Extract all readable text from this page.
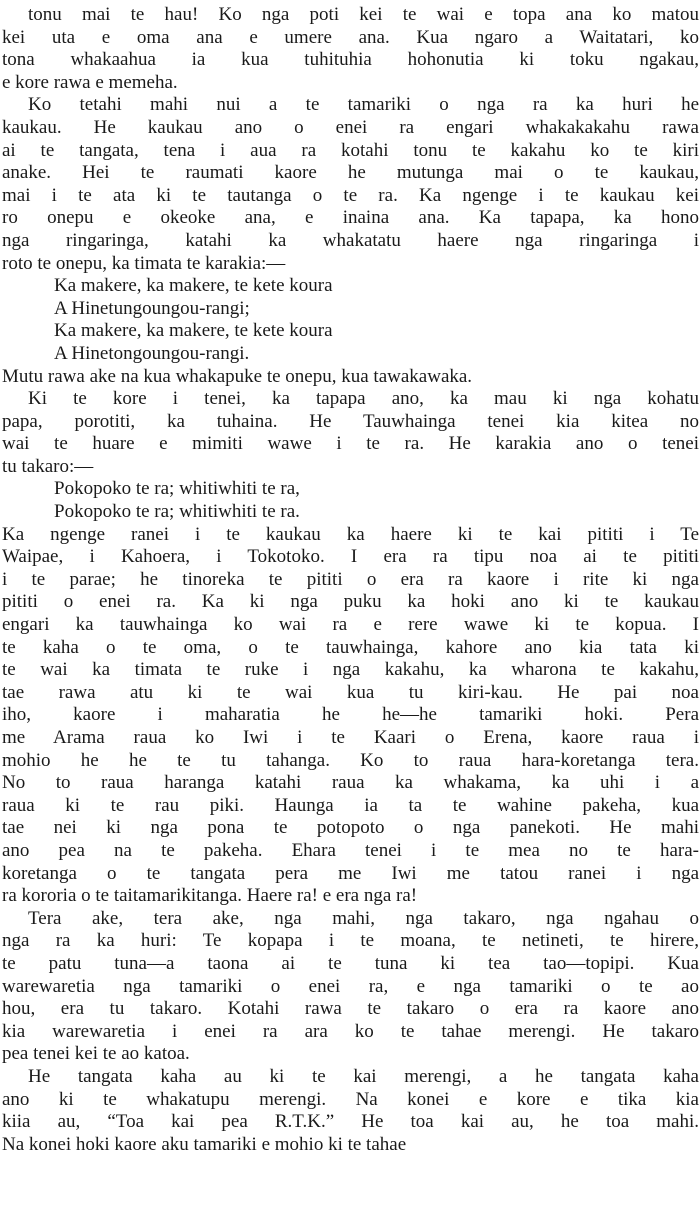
tonu mai te hau! Ko nga poti kei te wai e topa ana ko matou
kei uta e oma ana e umere ana. Kua ngaro a Waitatari, ko
tona whakaahua ia kua tuhituhia hohonutia ki toku ngakau,
e kore rawa e memeha.
Ko tetahi mahi nui a te tamariki o nga ra ka huri he
kaukau. He kaukau ano o enei ra engari whakakakahu rawa
ai te tangata, tena i aua ra kotahi tonu te kakahu ko te kiri
anake. Hei te raumati kaore he mutunga mai o te kaukau,
mai i te ata ki te tautanga o te ra. Ka ngenge i te kaukau kei
ro onepu e okeoke ana, e inaina ana. Ka tapapa, ka hono
nga ringaringa, katahi ka whakatatu haere nga ringaringa i
roto te onepu, ka timata te karakia:—
Ka makere, ka makere, te kete koura
A Hinetungoungou-rangi;
Ka makere, ka makere, te kete koura
A Hinetongoungou-rangi.
Mutu rawa ake na kua whakapuke te onepu, kua tawakawaka.
Ki te kore i tenei, ka tapapa ano, ka mau ki nga kohatu
papa, porotiti, ka tuhaina. He Tauwhainga tenei kia kitea no
wai te huare e mimiti wawe i te ra. He karakia ano o tenei
tu takaro:—
Pokopoko te ra; whitiwhiti te ra,
Pokopoko te ra; whitiwhiti te ra.
Ka ngenge ranei i te kaukau ka haere ki te kai pititi i Te
Waipae, i Kahoera, i Tokotoko. I era ra tipu noa ai te pititi
i te parae; he tinoreka te pititi o era ra kaore i rite ki nga
pititi o enei ra. Ka ki nga puku ka hoki ano ki te kaukau
engari ka tauwhainga ko wai ra e rere wawe ki te kopua. I
te kaha o te oma, o te tauwhainga, kahore ano kia tata ki
te wai ka timata te ruke i nga kakahu, ka wharona te kakahu,
tae rawa atu ki te wai kua tu kiri-kau. He pai noa
iho, kaore i maharatia he he—he tamariki hoki. Pera
me Arama raua ko Iwi i te Kaari o Erena, kaore raua i
mohio he he te tu tahanga. Ko to raua hara-koretanga tera.
No to raua haranga katahi raua ka whakama, ka uhi i a
raua ki te rau piki. Haunga ia ta te wahine pakeha, kua
tae nei ki nga pona te potopoto o nga panekoti. He mahi
ano pea na te pakeha. Ehara tenei i te mea no te hara-
koretanga o te tangata pera me Iwi me tatou ranei i nga
ra kororia o te taitamarikitanga. Haere ra! e era nga ra!
Tera ake, tera ake, nga mahi, nga takaro, nga ngahau o
nga ra ka huri: Te kopapa i te moana, te netineti, te hirere,
te patu tuna—a taona ai te tuna ki tea tao—topipi. Kua
warewaretia nga tamariki o enei ra, e nga tamariki o te ao
hou, era tu takaro. Kotahi rawa te takaro o era ra kaore ano
kia warewaretia i enei ra ara ko te tahae merengi. He takaro
pea tenei kei te ao katoa.
He tangata kaha au ki te kai merengi, a he tangata kaha
ano ki te whakatupu merengi. Na konei e kore e tika kia
kiia au, “Toa kai pea R.T.K.” He toa kai au, he toa mahi.
Na konei hoki kaore aku tamariki e mohio ki te tahae
